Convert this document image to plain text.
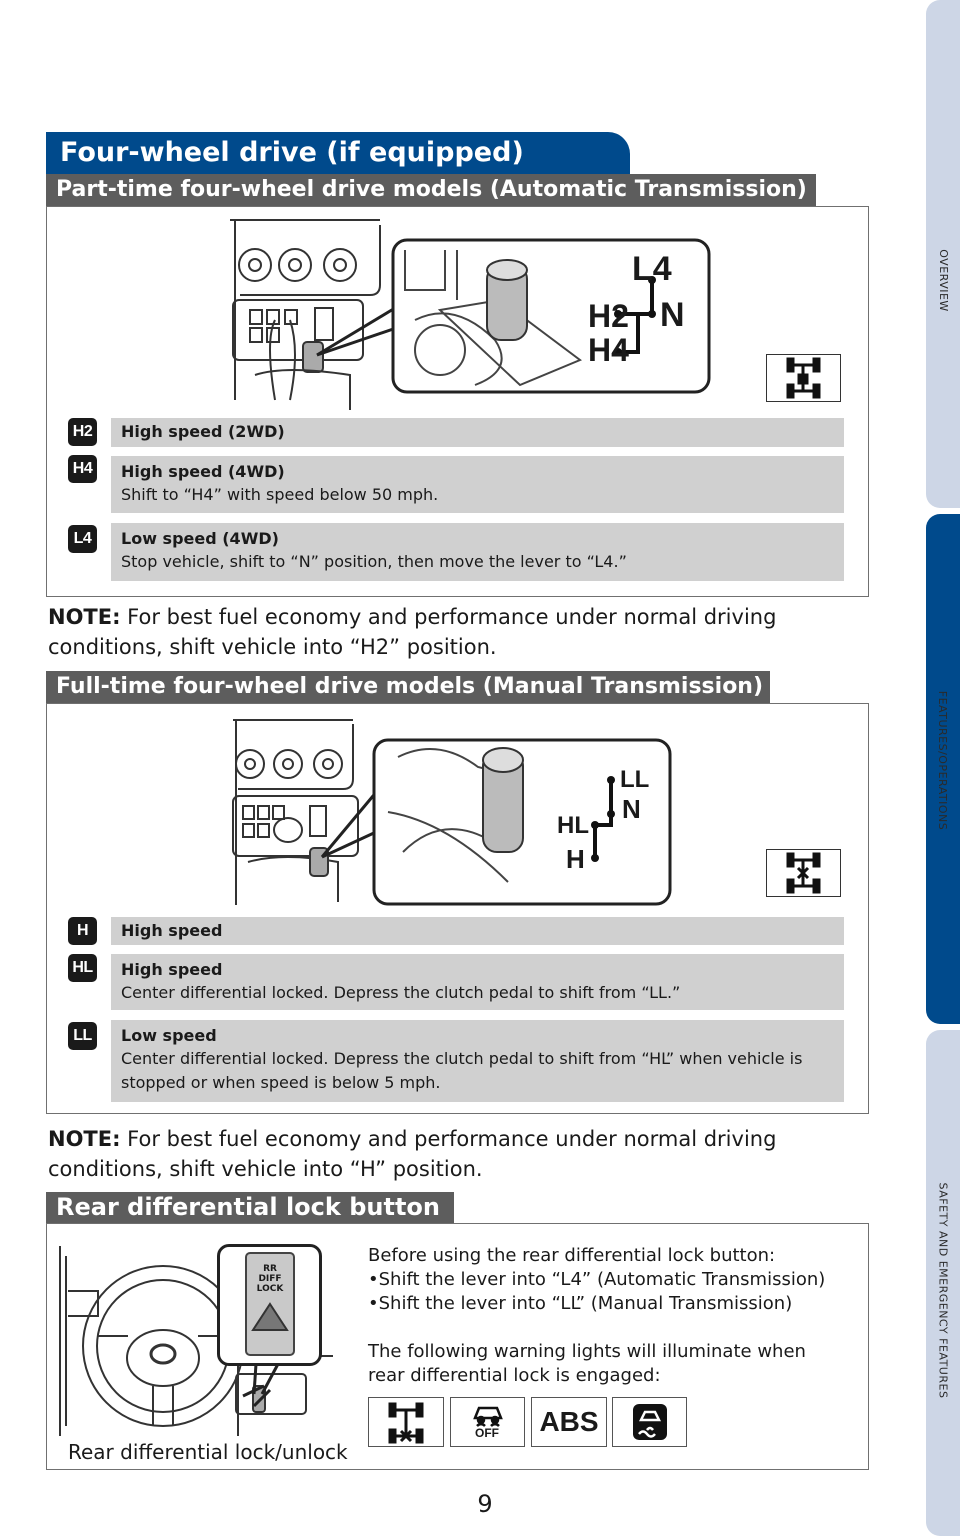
OVERVIEW
FEATURES/OPERATIONS
SAFETY AND EMERGENCY FEATURES
Four-wheel drive (if equipped)
Part-time four-wheel drive models (Automatic Transmission)
L4
H2 N
H4
H2 High speed (2WD)
H4 High speed (4WD)
Shift to “H4” with speed below 50 mph.
L4	Low speed (4WD)
Stop vehicle, shift to “N” position, then move the lever to “L4.”
NOTE: For best fuel economy and performance under normal driving conditions, shift vehicle into “H2” position.
Full-time four-wheel drive models (Manual Transmission)
LL
N
HL
H
H	High speed
HL High speed
Center differential locked. Depress the clutch pedal to shift from “LL.”
LL	Low speed
Center differential locked. Depress the clutch pedal to shift from “HL” when vehicle is stopped or when speed is below 5 mph.
NOTE: For best fuel economy and performance under normal driving conditions, shift vehicle into “H” position.
Rear differential lock button
RR
DIFF
LOCK
Before using the rear differential lock button:
•Shift the lever into “L4” (Automatic Transmission)
•Shift the lever into “LL” (Manual Transmission)
The following warning lights will illuminate when
rear differential lock is engaged:
OFF ABS
Rear differential lock/unlock
9
